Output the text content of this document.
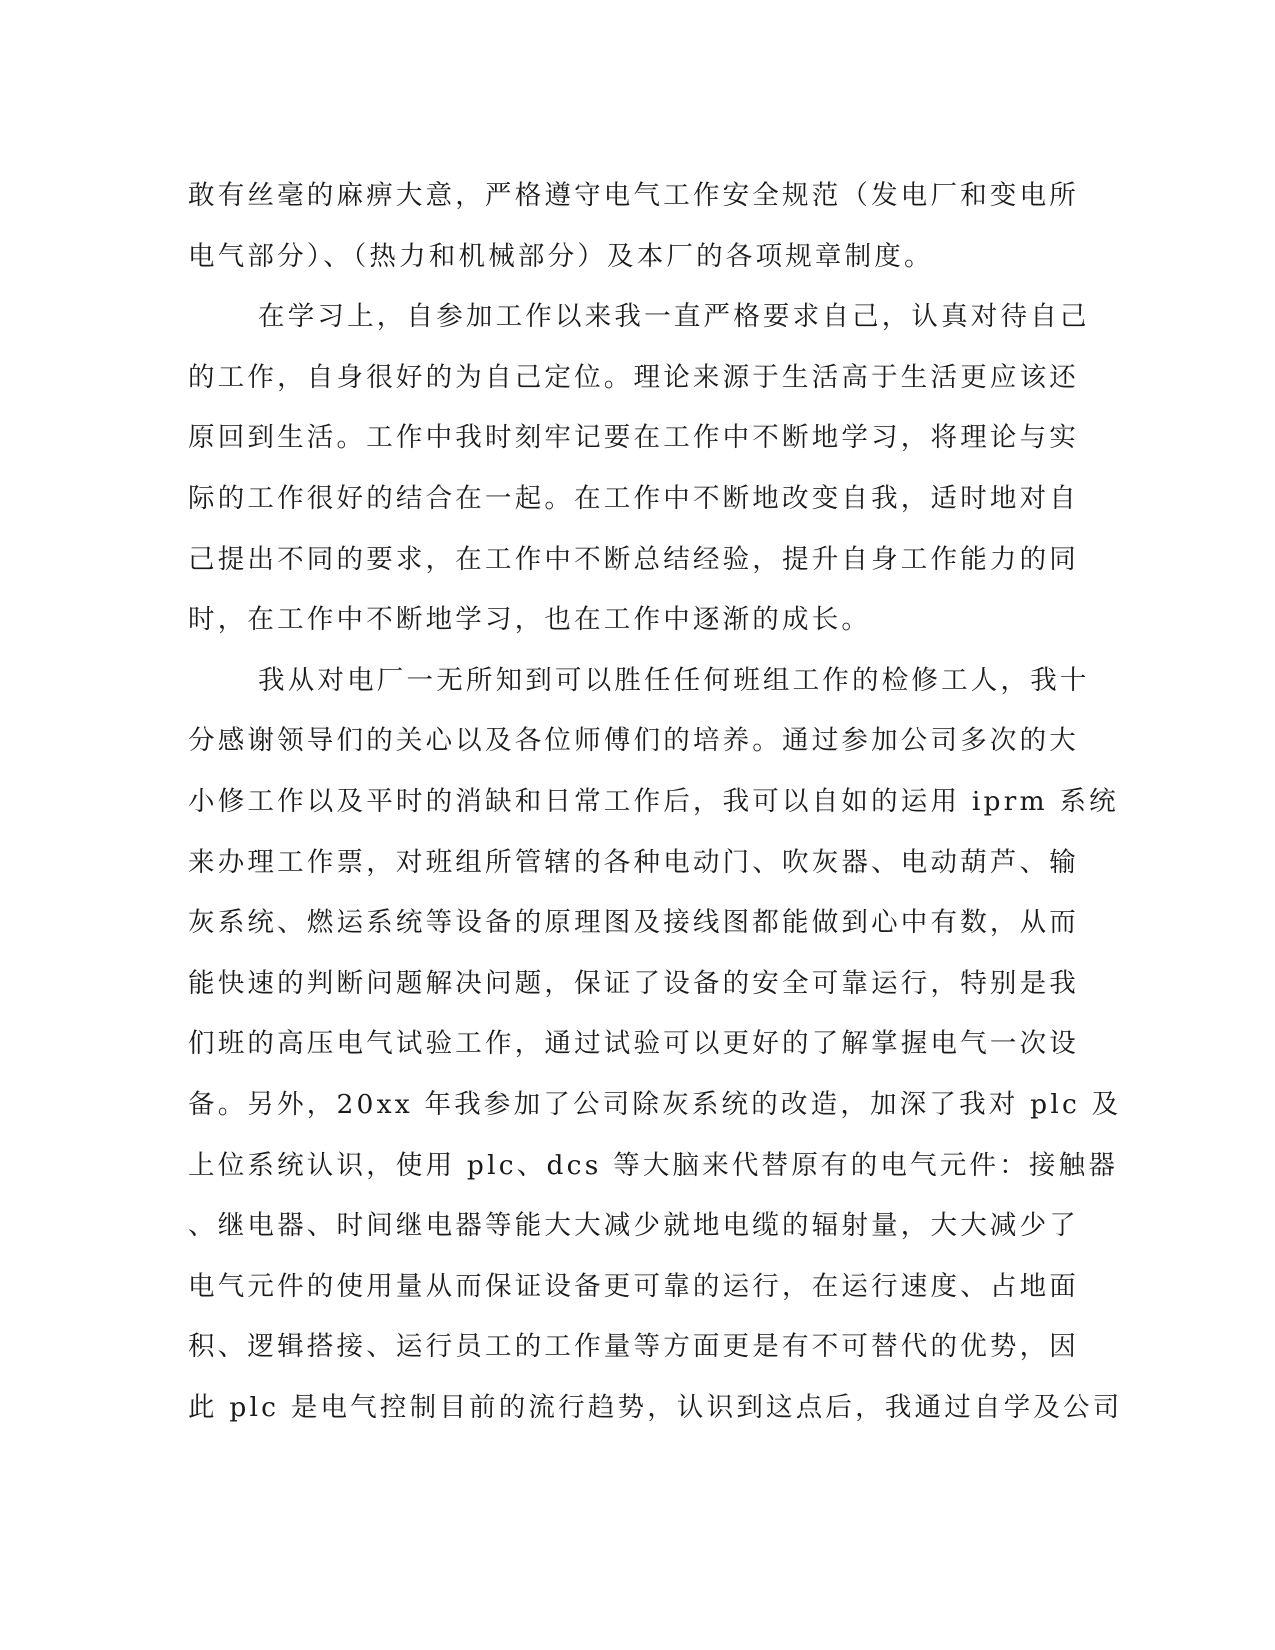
敢有丝毫的麻痹大意，严格遵守电气工作安全规范（发电厂和变电所
电气部分）、（热力和机械部分）及本厂的各项规章制度。
在学习上，自参加工作以来我一直严格要求自己，认真对待自己
的工作，自身很好的为自己定位。理论来源于生活高于生活更应该还
原回到生活。工作中我时刻牢记要在工作中不断地学习，将理论与实
际的工作很好的结合在一起。在工作中不断地改变自我，适时地对自
己提出不同的要求，在工作中不断总结经验，提升自身工作能力的同
时，在工作中不断地学习，也在工作中逐渐的成长。
我从对电厂一无所知到可以胜任任何班组工作的检修工人，我十
分感谢领导们的关心以及各位师傅们的培养。通过参加公司多次的大
小修工作以及平时的消缺和日常工作后，我可以自如的运用 iprm 系统
来办理工作票，对班组所管辖的各种电动门、吹灰器、电动葫芦、输
灰系统、燃运系统等设备的原理图及接线图都能做到心中有数，从而
能快速的判断问题解决问题，保证了设备的安全可靠运行，特别是我
们班的高压电气试验工作，通过试验可以更好的了解掌握电气一次设
备。另外，20xx 年我参加了公司除灰系统的改造，加深了我对 plc 及
上位系统认识，使用 plc、dcs 等大脑来代替原有的电气元件：接触器
、继电器、时间继电器等能大大减少就地电缆的辐射量，大大减少了
电气元件的使用量从而保证设备更可靠的运行，在运行速度、占地面
积、逻辑搭接、运行员工的工作量等方面更是有不可替代的优势，因
此 plc 是电气控制目前的流行趋势，认识到这点后，我通过自学及公司
